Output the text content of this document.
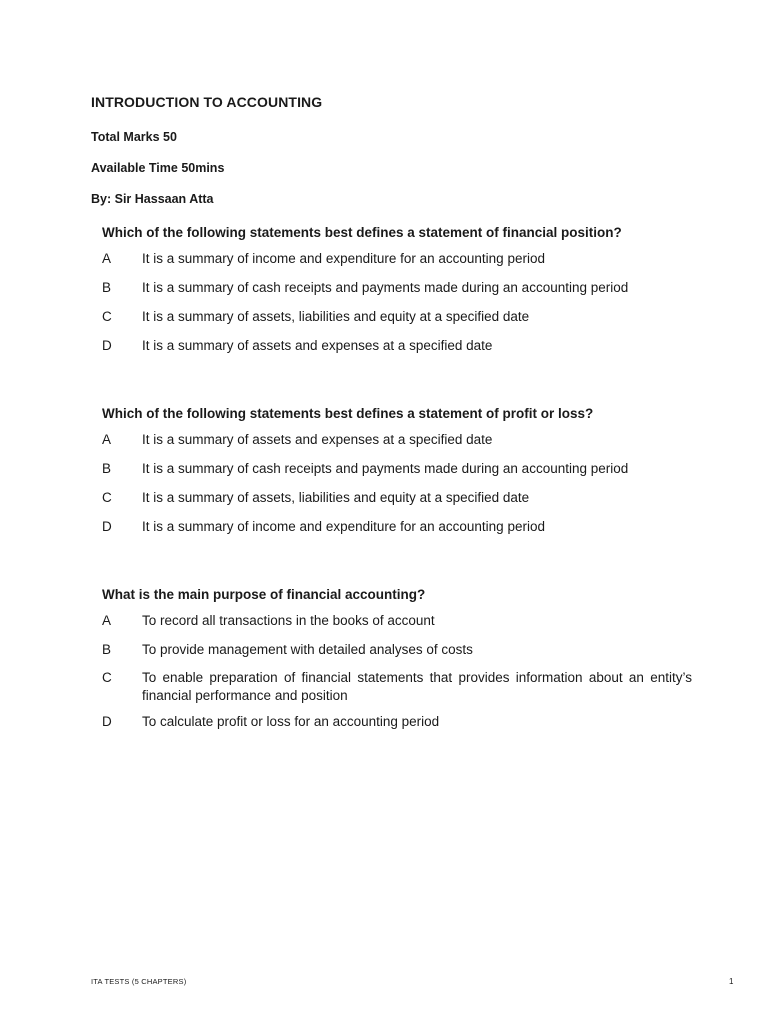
INTRODUCTION TO ACCOUNTING

Total Marks 50

Available Time 50mins

By: Sir Hassaan Atta

Which of the following statements best defines a statement of financial position?

A	It is a summary of income and expenditure for an accounting period
B	It is a summary of cash receipts and payments made during an accounting period
C	It is a summary of assets, liabilities and equity at a specified date
D	It is a summary of assets and expenses at a specified date

Which of the following statements best defines a statement of profit or loss?

A	It is a summary of assets and expenses at a specified date
B	It is a summary of cash receipts and payments made during an accounting period
C	It is a summary of assets, liabilities and equity at a specified date
D	It is a summary of income and expenditure for an accounting period

What is the main purpose of financial accounting?

A	To record all transactions in the books of account
B	To provide management with detailed analyses of costs
C	To enable preparation of financial statements that provides information about an entity’s financial performance and position
D	To calculate profit or loss for an accounting period
ITA TESTS (5 CHAPTERS)	1
